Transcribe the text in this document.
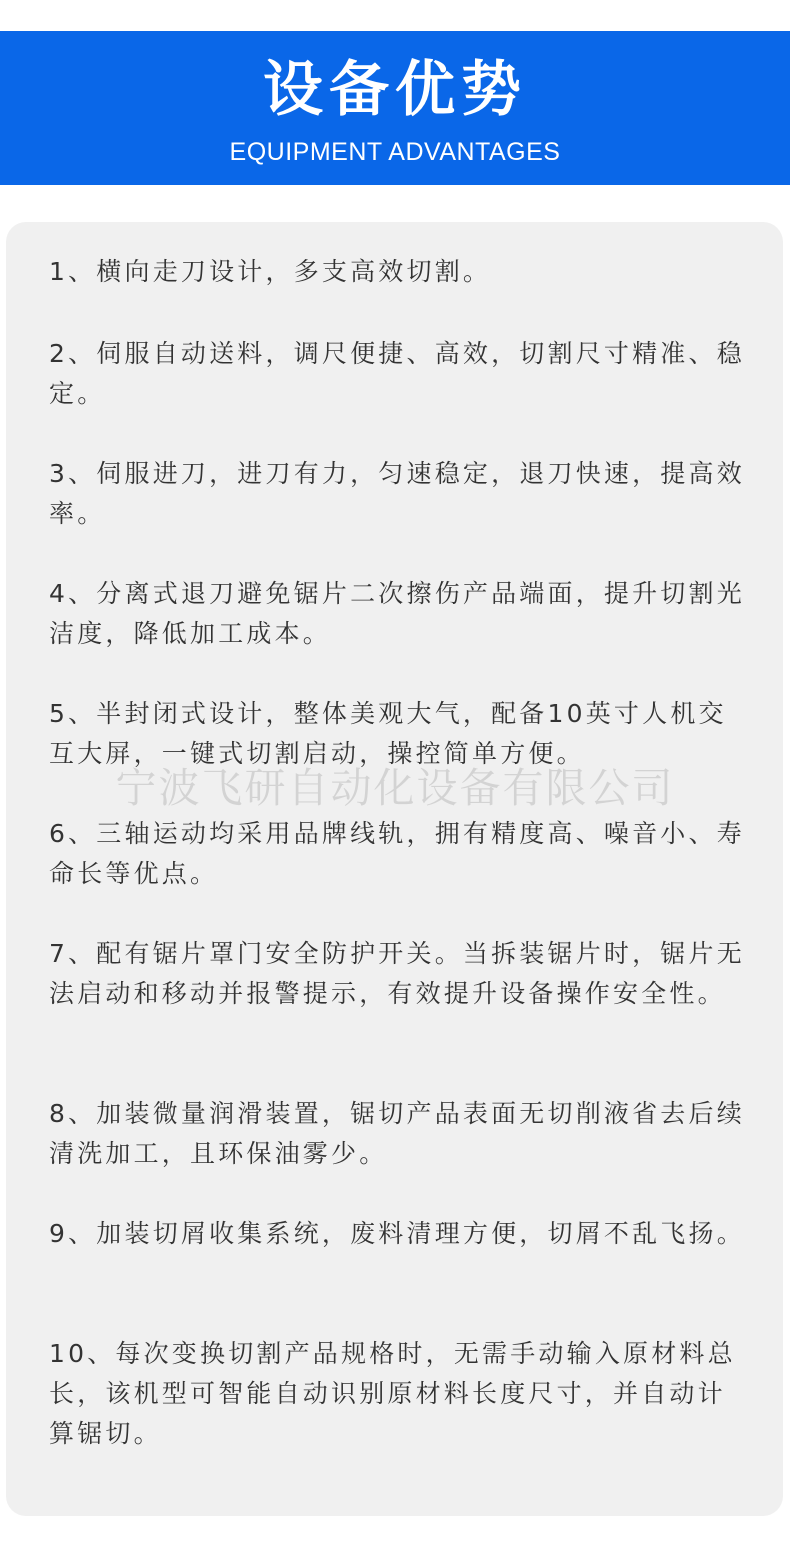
设备优势
EQUIPMENT ADVANTAGES
宁波飞研自动化设备有限公司

1、横向走刀设计，多支高效切割。

2、伺服自动送料，调尺便捷、高效，切割尺寸精准、稳定。

3、伺服进刀，进刀有力，匀速稳定，退刀快速，提高效率。

4、分离式退刀避免锯片二次擦伤产品端面，提升切割光洁度，降低加工成本。

5、半封闭式设计，整体美观大气，配备10英寸人机交互大屏，一键式切割启动，操控简单方便。

6、三轴运动均采用品牌线轨，拥有精度高、噪音小、寿命长等优点。

7、配有锯片罩门安全防护开关。当拆装锯片时，锯片无法启动和移动并报警提示，有效提升设备操作安全性。

8、加装微量润滑装置，锯切产品表面无切削液省去后续清洗加工，且环保油雾少。

9、加装切屑收集系统，废料清理方便，切屑不乱飞扬。

10、每次变换切割产品规格时，无需手动输入原材料总长，该机型可智能自动识别原材料长度尺寸，并自动计算锯切。
